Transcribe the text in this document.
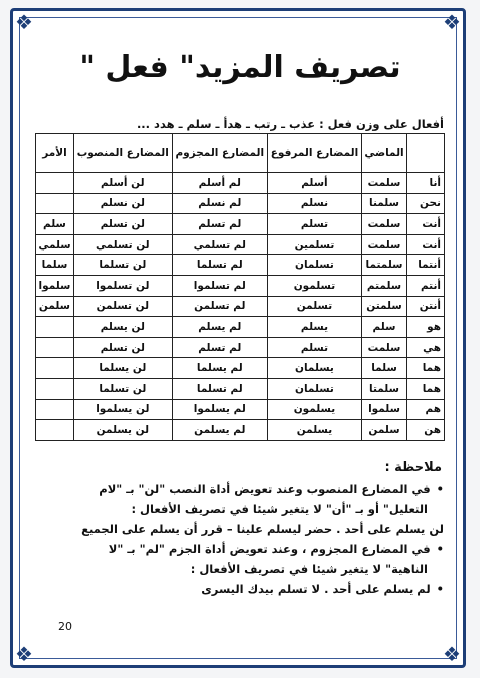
❖	❖
❖	❖
تصريف المزيد" فعل "
أفعال على وزن فعل : عذب ـ رتب ـ هدأ ـ سلم ـ هدد ...
	الماضي	المضارع المرفوع	المضارع المجزوم	المضارع المنصوب	الأمر
أنا	سلمت	أسلم	لم أسلم	لن أسلم	
نحن	سلمنا	نسلم	لم نسلم	لن نسلم	
أنت	سلمت	تسلم	لم تسلم	لن تسلم	سلم
أنت	سلمت	تسلمين	لم تسلمي	لن تسلمي	سلمي
أنتما	سلمتما	تسلمان	لم تسلما	لن تسلما	سلما
أنتم	سلمتم	تسلمون	لم تسلموا	لن تسلموا	سلموا
أنتن	سلمتن	تسلمن	لم تسلمن	لن تسلمن	سلمن
هو	سلم	يسلم	لم يسلم	لن يسلم	
هي	سلمت	تسلم	لم تسلم	لن تسلم	
هما	سلما	يسلمان	لم يسلما	لن يسلما	
هما	سلمتا	تسلمان	لم تسلما	لن تسلما	
هم	سلموا	يسلمون	لم يسلموا	لن يسلموا	
هن	سلمن	يسلمن	لم يسلمن	لن يسلمن	
ملاحظة :
•في المضارع المنصوب وعند تعويض أداة النصب "لن" بـ "لام
التعليل" أو بـ "أن" لا يتغير شيئا في تصريف الأفعال :
لن يسلم على أحد . حضر ليسلم علينا – قرر أن يسلم على الجميع
•في المضارع المجزوم ، وعند تعويض أداة الجزم "لم" بـ "لا
الناهية" لا يتغير شيئا في تصريف الأفعال :
•لم يسلم على أحد . لا تسلم بيدك اليسرى
20
